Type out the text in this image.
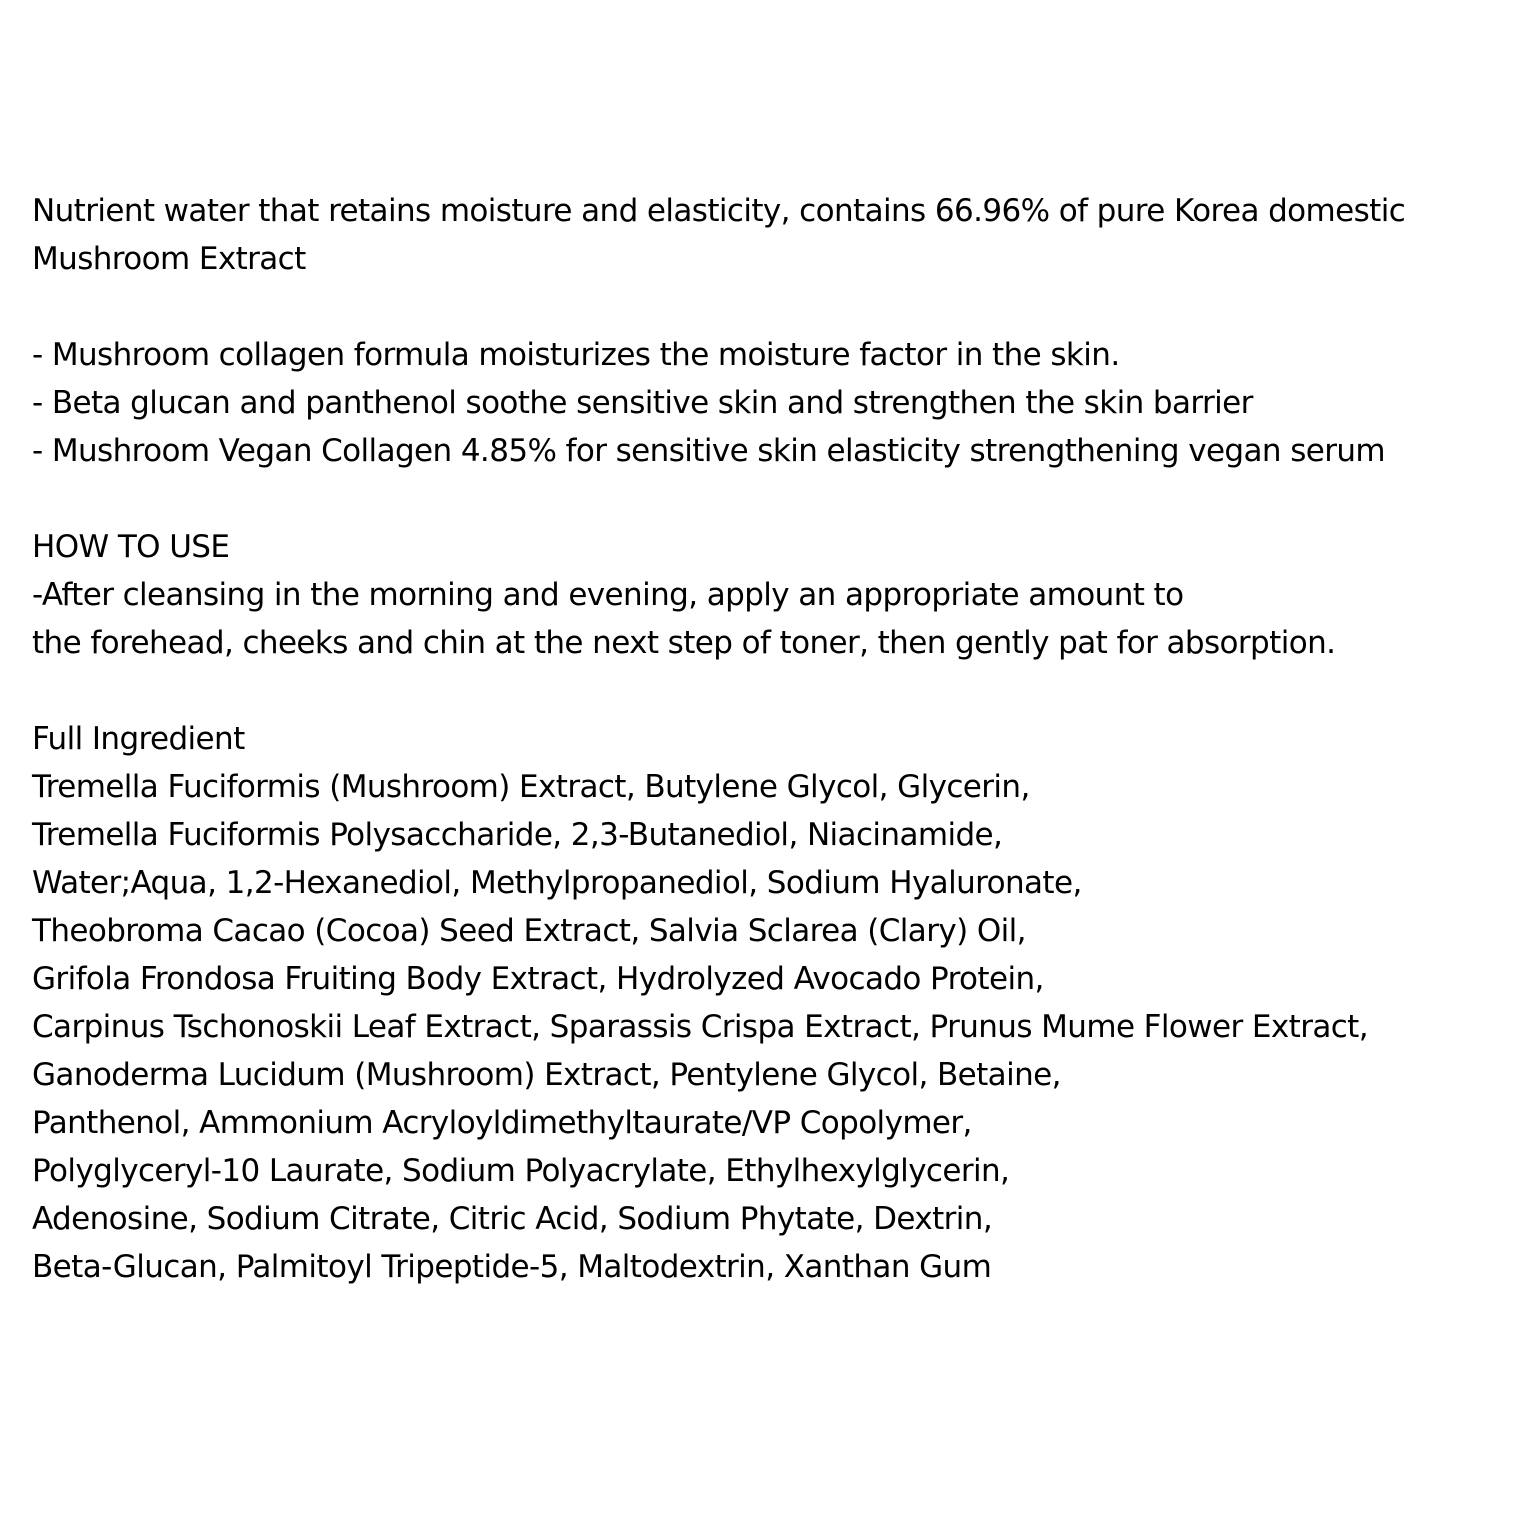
Nutrient water that retains moisture and elasticity, contains 66.96% of pure Korea domestic
Mushroom Extract
- Mushroom collagen formula moisturizes the moisture factor in the skin.
- Beta glucan and panthenol soothe sensitive skin and strengthen the skin barrier
- Mushroom Vegan Collagen 4.85% for sensitive skin elasticity strengthening vegan serum
HOW TO USE
-After cleansing in the morning and evening, apply an appropriate amount to
the forehead, cheeks and chin at the next step of toner, then gently pat for absorption.
Full Ingredient
Tremella Fuciformis (Mushroom) Extract, Butylene Glycol, Glycerin,
Tremella Fuciformis Polysaccharide, 2,3-Butanediol, Niacinamide,
Water;Aqua, 1,2-Hexanediol, Methylpropanediol, Sodium Hyaluronate,
Theobroma Cacao (Cocoa) Seed Extract, Salvia Sclarea (Clary) Oil,
Grifola Frondosa Fruiting Body Extract, Hydrolyzed Avocado Protein,
Carpinus Tschonoskii Leaf Extract, Sparassis Crispa Extract, Prunus Mume Flower Extract,
Ganoderma Lucidum (Mushroom) Extract, Pentylene Glycol, Betaine,
Panthenol, Ammonium Acryloyldimethyltaurate/VP Copolymer,
Polyglyceryl-10 Laurate, Sodium Polyacrylate, Ethylhexylglycerin,
Adenosine, Sodium Citrate, Citric Acid, Sodium Phytate, Dextrin,
Beta-Glucan, Palmitoyl Tripeptide-5, Maltodextrin, Xanthan Gum
